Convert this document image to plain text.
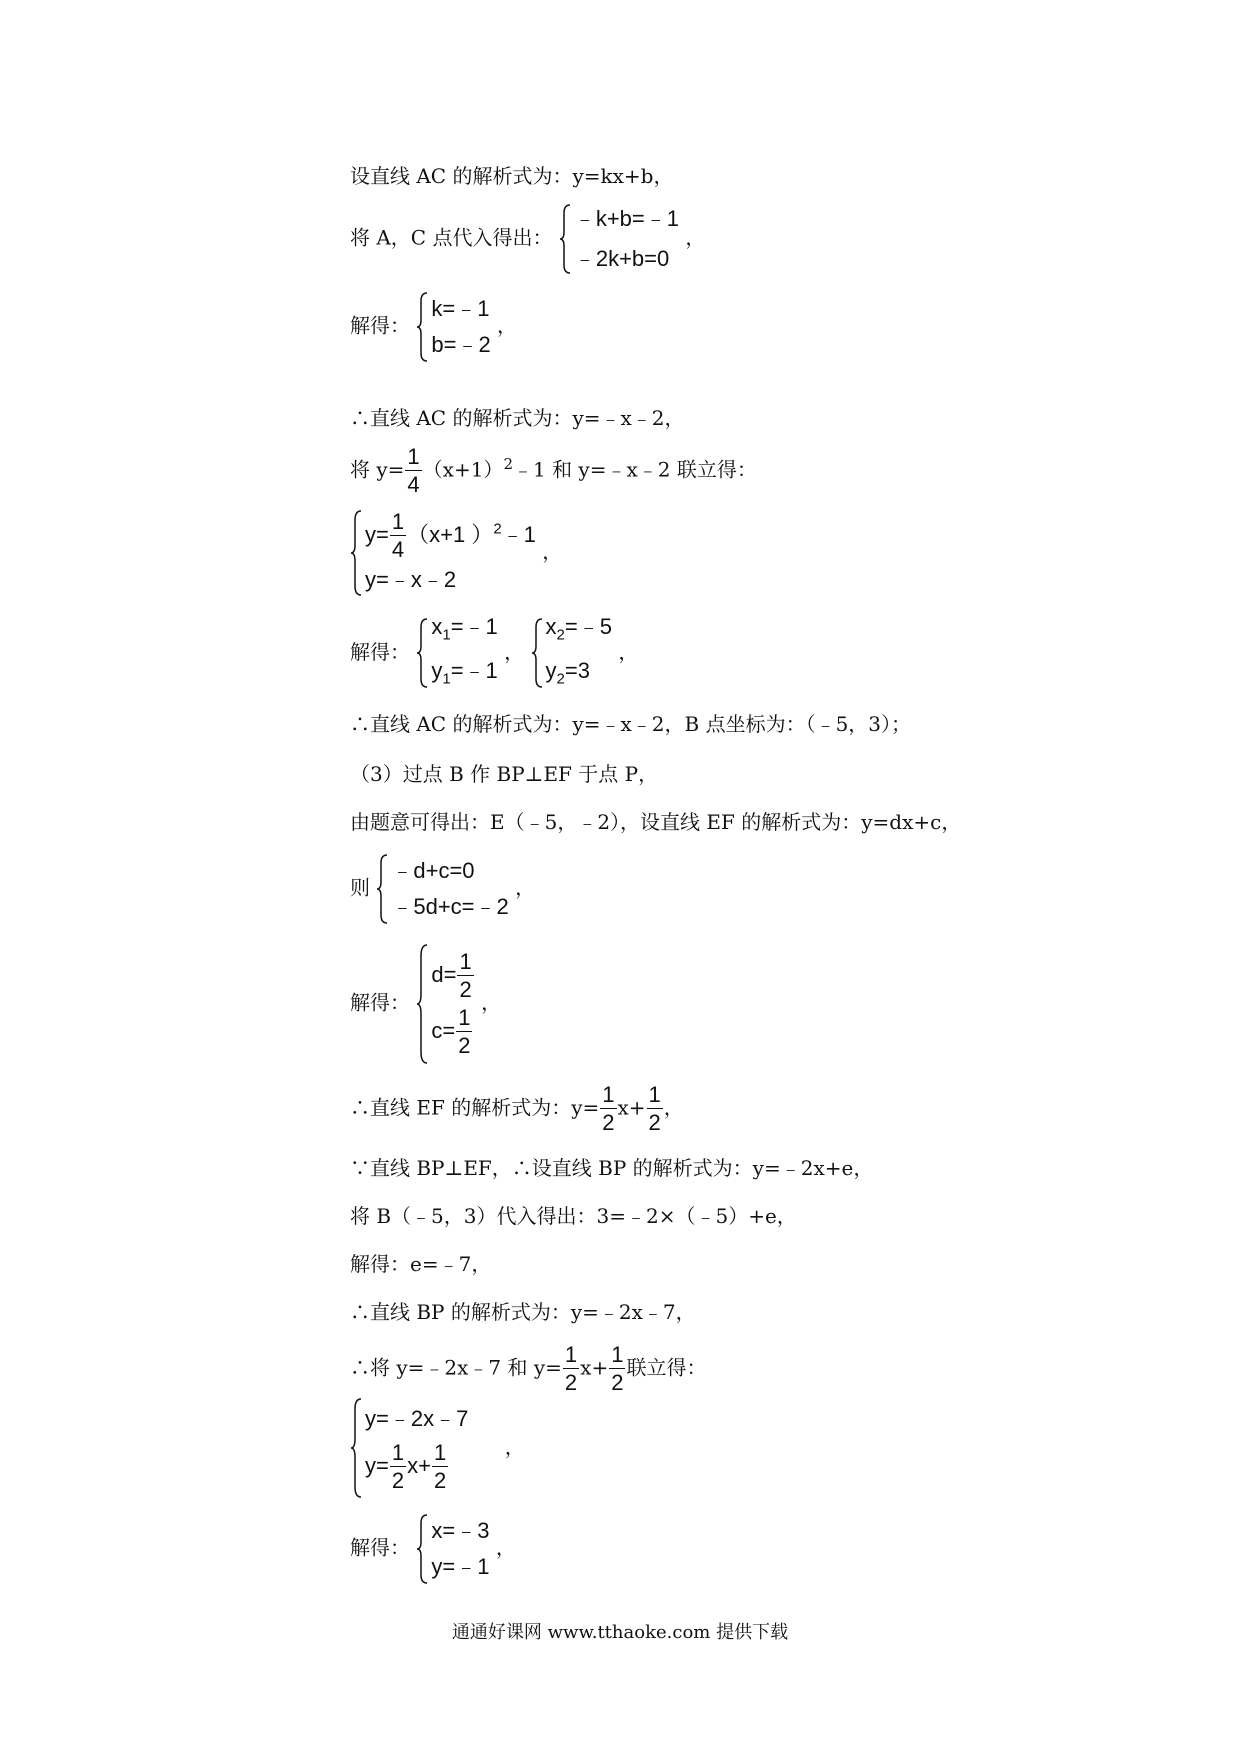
设直线 AC 的解析式为：y=kx+b，
将 A，C 点代入得出：
﹣k+b=﹣1
﹣2k+b=0
，
解得：
k=﹣1
b=﹣2
，
∴直线 AC 的解析式为：y=﹣x﹣2，
将 $y= \frac{1}{4}$ $(x+1)^2﹣1$ 和 y=﹣x﹣2 联立得：
$y= \frac{1}{4} (x+1$ ）$^2$﹣1
y=﹣x﹣2
，
解得：
$x_1=﹣1$
$y_1=﹣1$
，
$x_2=﹣5$
$y_2=3$
，
∴直线 AC 的解析式为：y=﹣x﹣2，B 点坐标为：（﹣5，3）；
（3）过点 B 作 BP⊥EF 于点 P，
由题意可得出：E（﹣5，﹣2），设直线 EF 的解析式为：y=dx+c，
则
﹣d+c=0
﹣5d+c=﹣2
，
解得：
$d= \frac{1}{2}$
$c= \frac{1}{2}$
，
∴直线 EF 的解析式为：$y= \frac{1}{2} x+ \frac{1}{2}$ ，
∵直线 BP⊥EF，∴设直线 BP 的解析式为：y=﹣2x+e，
将 B（﹣5，3）代入得出：3=﹣2×（﹣5）+e，
解得：e=﹣7，
∴直线 BP 的解析式为：y=﹣2x﹣7，
∴将 y=﹣2x﹣7 和 $y= \frac{1}{2} x+ \frac{1}{2}$ 联立得：
y=﹣2x﹣7
$y= \frac{1}{2} x+ \frac{1}{2}$	，
解得：
x=﹣3
y=﹣1
，
通通好课网 www.tthaoke.com 提供下载
